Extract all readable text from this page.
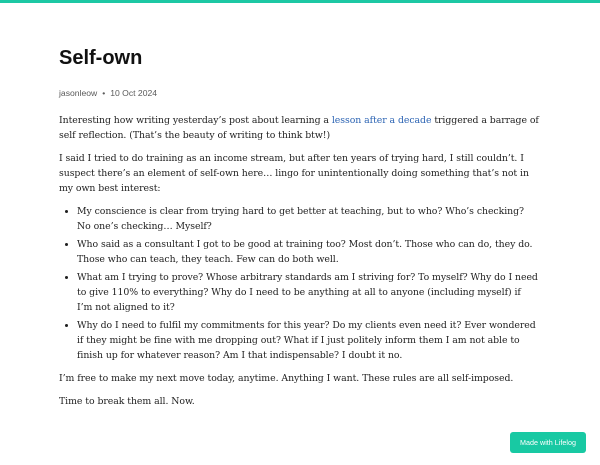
Self-own
jasonleow • 10 Oct 2024

Interesting how writing yesterday’s post about learning a lesson after a decade triggered a barrage of self reflection. (That’s the beauty of writing to think btw!)

I said I tried to do training as an income stream, but after ten years of trying hard, I still couldn’t. I suspect there’s an element of self-own here… lingo for unintentionally doing something that’s not in my own best interest:

• My conscience is clear from trying hard to get better at teaching, but to who? Who’s checking? No one’s checking… Myself?
• Who said as a consultant I got to be good at training too? Most don’t. Those who can do, they do. Those who can teach, they teach. Few can do both well.
• What am I trying to prove? Whose arbitrary standards am I striving for? To myself? Why do I need to give 110% to everything? Why do I need to be anything at all to anyone (including myself) if I’m not aligned to it?
• Why do I need to fulfil my commitments for this year? Do my clients even need it? Ever wondered if they might be fine with me dropping out? What if I just politely inform them I am not able to finish up for whatever reason? Am I that indispensable? I doubt it no.

I’m free to make my next move today, anytime. Anything I want. These rules are all self-imposed.

Time to break them all. Now.

Made with Lifelog
